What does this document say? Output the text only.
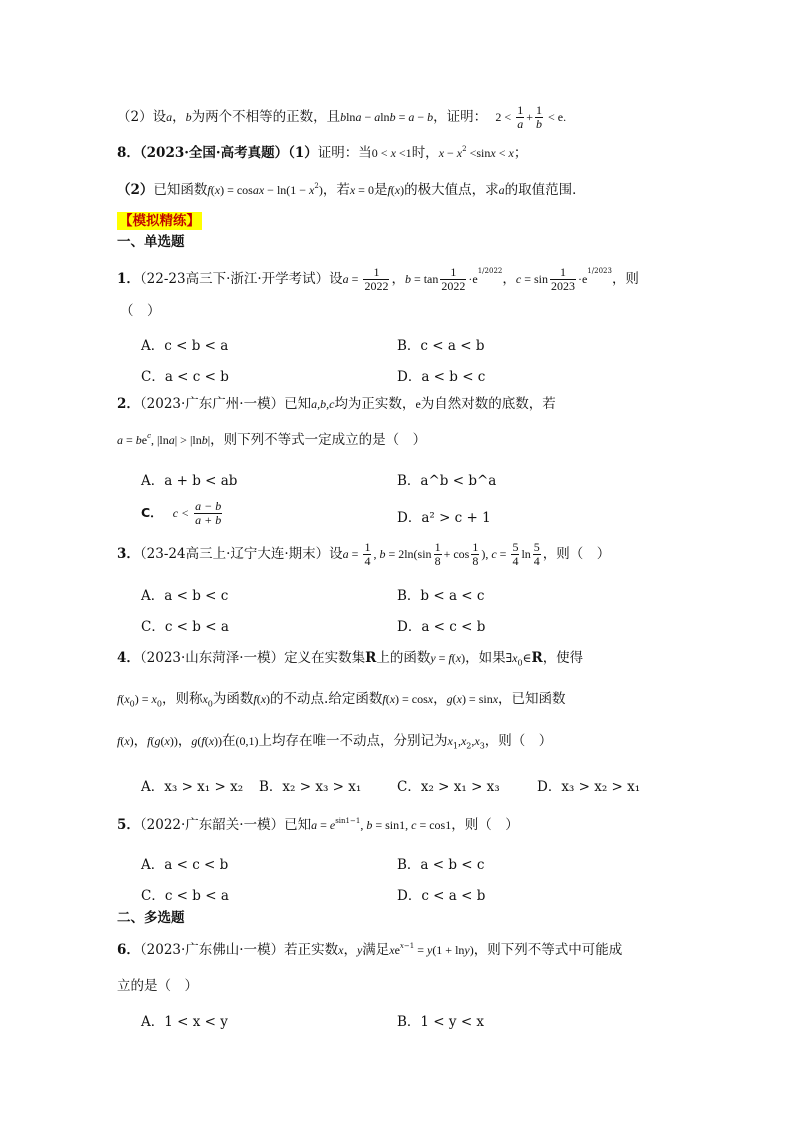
（2）设a，b为两个不相等的正数，且blna − alnb = a − b，证明： $2 < \frac{1}{a} + \frac{1}{b} < e$.
8．（2023·全国·高考真题）（1）证明：当0 < x <1时，$x - x^2 <\sin x < x$；
（2）已知函数f(x) = cosax − $\ln(1 - x^2)$，若x = 0是f(x)的极大值点，求a的取值范围．
【模拟精练】
一、单选题
1．（22-23高三下·浙江·开学考试）设$a = \frac{1}{2022}$ ，$b = \tan \frac{1}{2022} \cdot e^{1/2022}$，$c = \sin \frac{1}{2023} \cdot e^{1/2023}$，则
（　）
A．c < b < a	B．c < a < b
C．a < c < b	D．a < b < c
2．（2023·广东广州·一模）已知a,b,c均为正实数，e为自然对数的底数，若
$a = be^c$, |lna| > |lnb|，则下列不等式一定成立的是（　）
A．a + b < ab	B．a^b < b^a
C． $c < \frac{a - b}{a + b}$	D．a² > c + 1
3．（23-24高三上·辽宁大连·期末）设$a = \frac{1}{4}$ , $b = 2\ln(\sin \frac{1}{8} + \cos \frac{1}{8}$ ), $c = \frac{5}{4}$ $\ln \frac{5}{4}$ ，则（　）
A．a < b < c	B．b < a < c
C．c < b < a	D．a < c < b
4．（2023·山东菏泽·一模）定义在实数集R上的函数y = f(x)，如果$\exists x_0\in R$，使得
$f(x_0) = x_0$，则称$x_0$为函数f(x)的不动点.给定函数f(x) = cosx，g(x) = sinx，已知函数
f(x)，f(g(x))，g(f(x))在(0,1)上均存在唯一不动点，分别记为$x_1,x_2,x_3$，则（　）
A．x₃ > x₁ > x₂ B．x₂ > x₃ > x₁	C．x₂ > x₁ > x₃	D．x₃ > x₂ > x₁
5．（2022·广东韶关·一模）已知$a = e^{sin1-1}$, b = sin1, c = cos1，则（　）
A．a < c < b	B．a < b < c
C．c < b < a	D．c < a < b
二、多选题
6．（2023·广东佛山·一模）若正实数x，y满足$xe^{x-1} = y(1 + \ln y)$，则下列不等式中可能成
立的是（　）
A．1 < x < y	B．1 < y < x
